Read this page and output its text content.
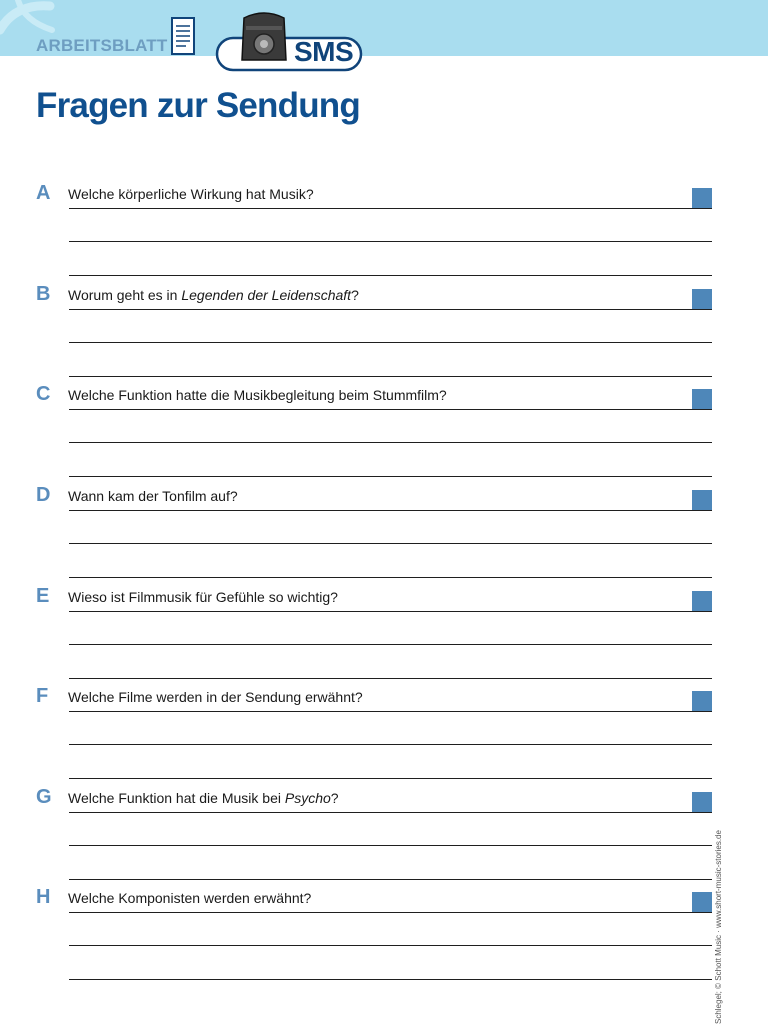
ARBEITSBLATT	SMS
Fragen zur Sendung
A Welche körperliche Wirkung hat Musik?
B Worum geht es in Legenden der Leidenschaft?
C Welche Funktion hatte die Musikbegleitung beim Stummfilm?
D Wann kam der Tonfilm auf?
E Wieso ist Filmmusik für Gefühle so wichtig?
F Welche Filme werden in der Sendung erwähnt?
G Welche Funktion hat die Musik bei Psycho?
H Welche Komponisten werden erwähnt?	Schlegel; © Schott Music · www.short-music-stories.de
